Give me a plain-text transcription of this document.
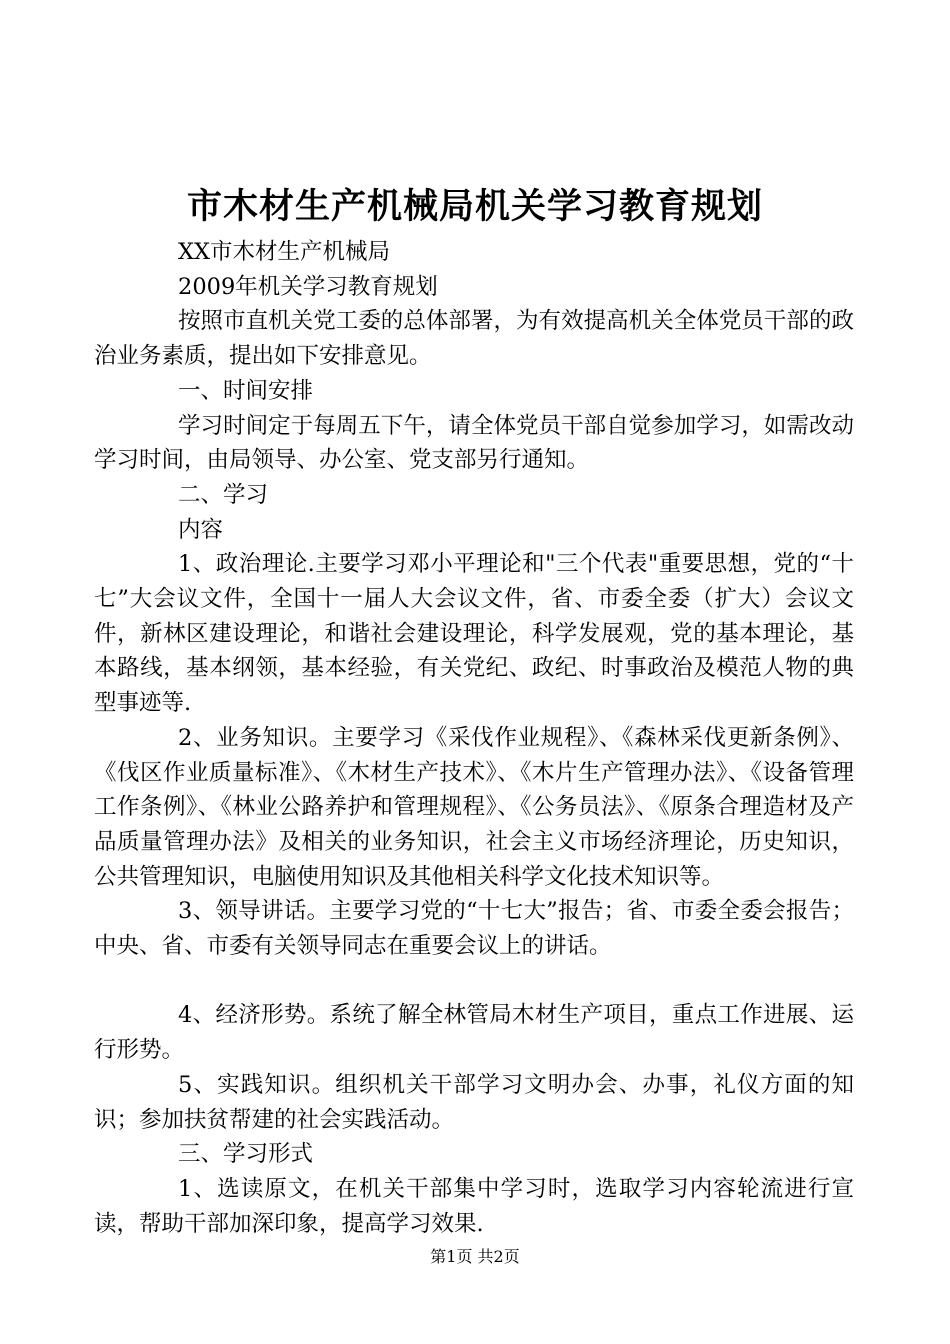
市木材生产机械局机关学习教育规划

XX市木材生产机械局

2009年机关学习教育规划

按照市直机关党工委的总体部署，为有效提高机关全体党员干部的政治业务素质，提出如下安排意见。

一、时间安排

学习时间定于每周五下午，请全体党员干部自觉参加学习，如需改动学习时间，由局领导、办公室、党支部另行通知。

二、学习

内容

1、政治理论.主要学习邓小平理论和"三个代表"重要思想，党的“十七”大会议文件，全国十一届人大会议文件，省、市委全委（扩大）会议文件，新林区建设理论，和谐社会建设理论，科学发展观，党的基本理论，基本路线，基本纲领，基本经验，有关党纪、政纪、时事政治及模范人物的典型事迹等.

2、业务知识。主要学习《采伐作业规程》、《森林采伐更新条例》、《伐区作业质量标准》、《木材生产技术》、《木片生产管理办法》、《设备管理工作条例》、《林业公路养护和管理规程》、《公务员法》、《原条合理造材及产品质量管理办法》及相关的业务知识，社会主义市场经济理论，历史知识，公共管理知识，电脑使用知识及其他相关科学文化技术知识等。

3、领导讲话。主要学习党的“十七大”报告；省、市委全委会报告；中央、省、市委有关领导同志在重要会议上的讲话。

4、经济形势。系统了解全林管局木材生产项目，重点工作进展、运行形势。

5、实践知识。组织机关干部学习文明办会、办事，礼仪方面的知识；参加扶贫帮建的社会实践活动。

三、学习形式

1、选读原文，在机关干部集中学习时，选取学习内容轮流进行宣读，帮助干部加深印象，提高学习效果.

第1页 共2页
